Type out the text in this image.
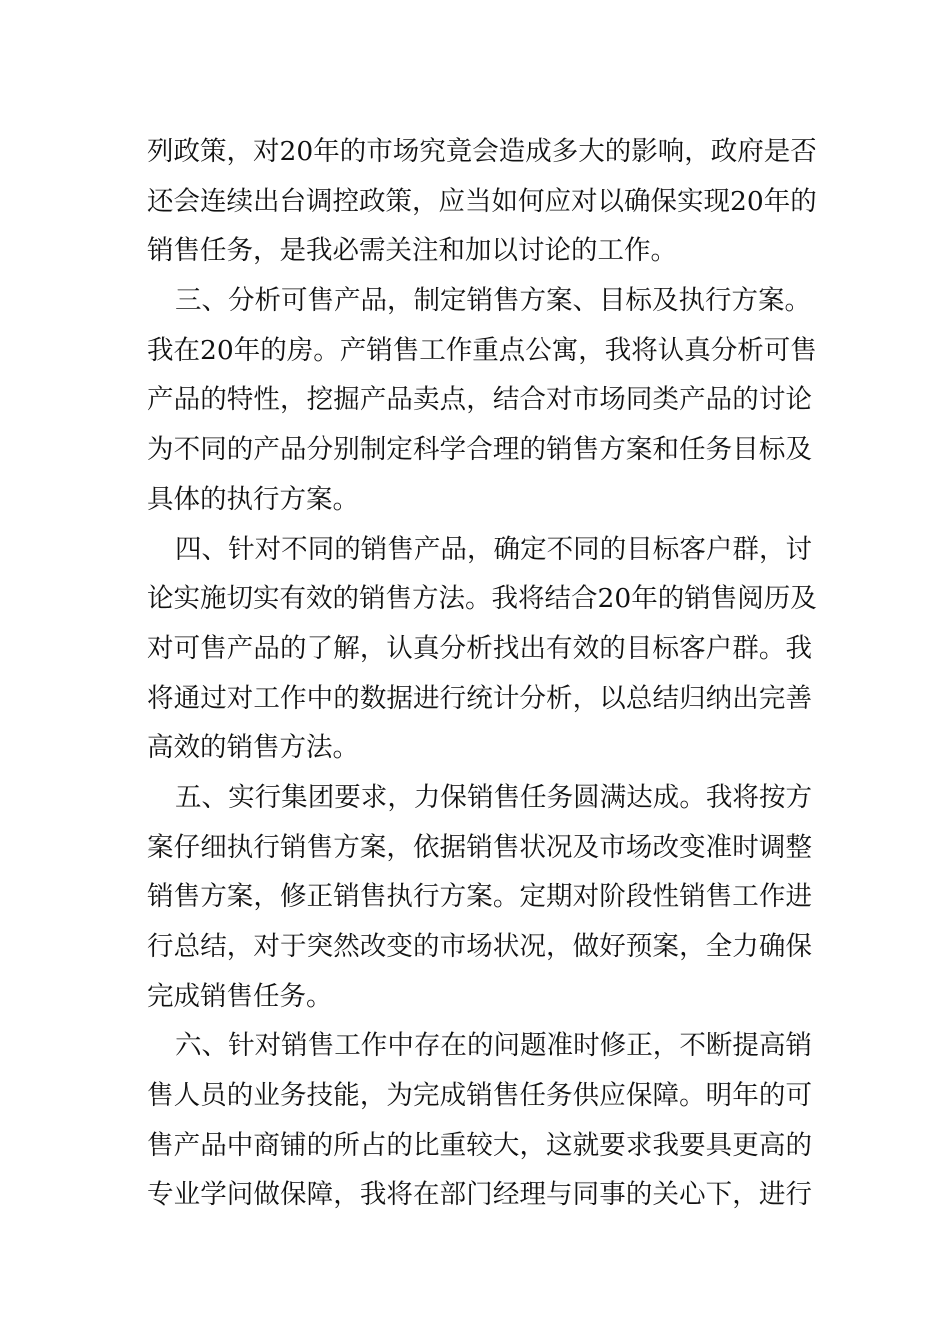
列政策，对20年的市场究竟会造成多大的影响，政府是否
还会连续出台调控政策，应当如何应对以确保实现20年的
销售任务，是我必需关注和加以讨论的工作。
三、分析可售产品，制定销售方案、目标及执行方案。
我在20年的房。产销售工作重点公寓，我将认真分析可售
产品的特性，挖掘产品卖点，结合对市场同类产品的讨论
为不同的产品分别制定科学合理的销售方案和任务目标及
具体的执行方案。
四、针对不同的销售产品，确定不同的目标客户群，讨
论实施切实有效的销售方法。我将结合20年的销售阅历及
对可售产品的了解，认真分析找出有效的目标客户群。我
将通过对工作中的数据进行统计分析，以总结归纳出完善
高效的销售方法。
五、实行集团要求，力保销售任务圆满达成。我将按方
案仔细执行销售方案，依据销售状况及市场改变准时调整
销售方案，修正销售执行方案。定期对阶段性销售工作进
行总结，对于突然改变的市场状况，做好预案，全力确保
完成销售任务。
六、针对销售工作中存在的问题准时修正，不断提高销
售人员的业务技能，为完成销售任务供应保障。明年的可
售产品中商铺的所占的比重较大，这就要求我要具更高的
专业学问做保障，我将在部门经理与同事的关心下，进行
